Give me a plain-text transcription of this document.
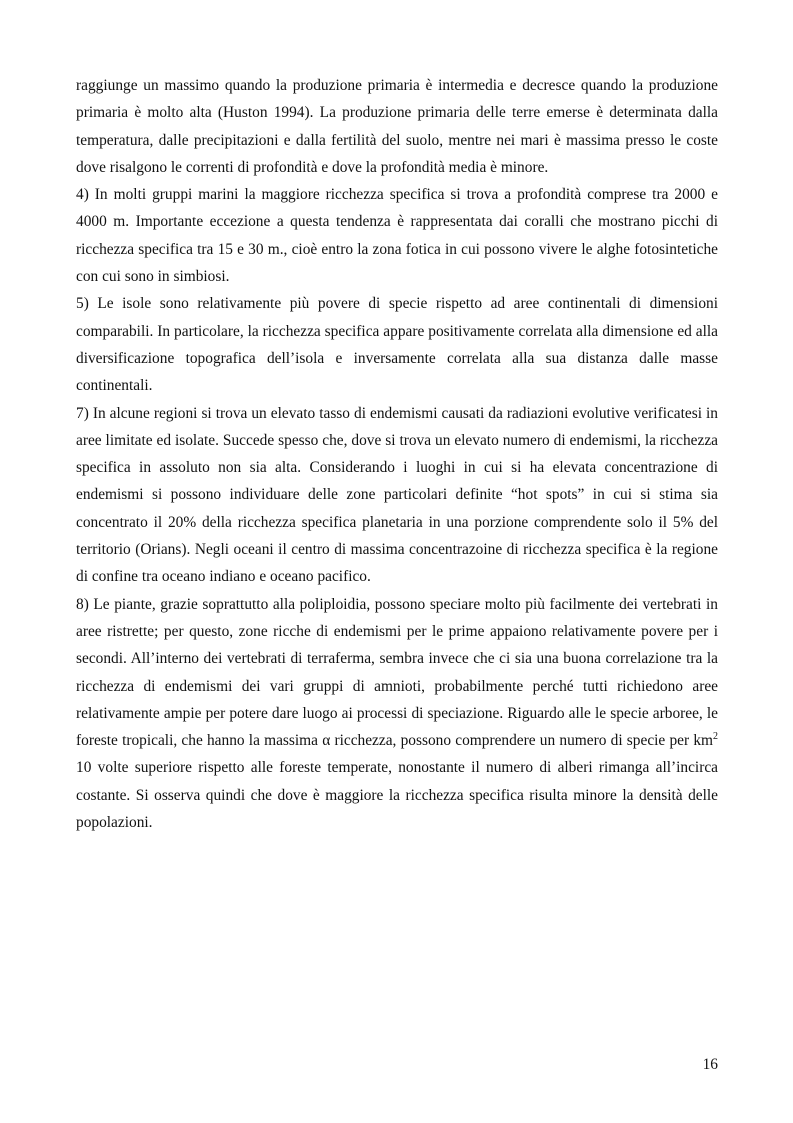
raggiunge un massimo quando la produzione primaria è intermedia e decresce quando la produzione primaria è molto alta (Huston 1994). La produzione primaria delle terre emerse è determinata dalla temperatura, dalle precipitazioni e dalla fertilità del suolo, mentre nei mari è massima presso le coste dove risalgono le correnti di profondità e dove la profondità media è minore.

4) In molti gruppi marini la maggiore ricchezza specifica si trova a profondità comprese tra 2000 e 4000 m. Importante eccezione a questa tendenza è rappresentata dai coralli che mostrano picchi di ricchezza specifica tra 15 e 30 m., cioè entro la zona fotica in cui possono vivere le alghe fotosintetiche con cui sono in simbiosi.

5) Le isole sono relativamente più povere di specie rispetto ad aree continentali di dimensioni comparabili. In particolare, la ricchezza specifica appare positivamente correlata alla dimensione ed alla diversificazione topografica dell’isola e inversamente correlata alla sua distanza dalle masse continentali.

7) In alcune regioni si trova un elevato tasso di endemismi causati da radiazioni evolutive verificatesi in aree limitate ed isolate. Succede spesso che, dove si trova un elevato numero di endemismi, la ricchezza specifica in assoluto non sia alta. Considerando i luoghi in cui si ha elevata concentrazione di endemismi si possono individuare delle zone particolari definite “hot spots” in cui si stima sia concentrato il 20% della ricchezza specifica planetaria in una porzione comprendente solo il 5% del territorio (Orians). Negli oceani il centro di massima concentrazoine di ricchezza specifica è la regione di confine tra oceano indiano e oceano pacifico.

8) Le piante, grazie soprattutto alla poliploidia, possono speciare molto più facilmente dei vertebrati in aree ristrette; per questo, zone ricche di endemismi per le prime appaiono relativamente povere per i secondi. All’interno dei vertebrati di terraferma, sembra invece che ci sia una buona correlazione tra la ricchezza di endemismi dei vari gruppi di amnioti, probabilmente perché tutti richiedono aree relativamente ampie per potere dare luogo ai processi di speciazione. Riguardo alle le specie arboree, le foreste tropicali, che hanno la massima α ricchezza, possono comprendere un numero di specie per $km^2$ 10 volte superiore rispetto alle foreste temperate, nonostante il numero di alberi rimanga all’incirca costante. Si osserva quindi che dove è maggiore la ricchezza specifica risulta minore la densità delle popolazioni.

16
